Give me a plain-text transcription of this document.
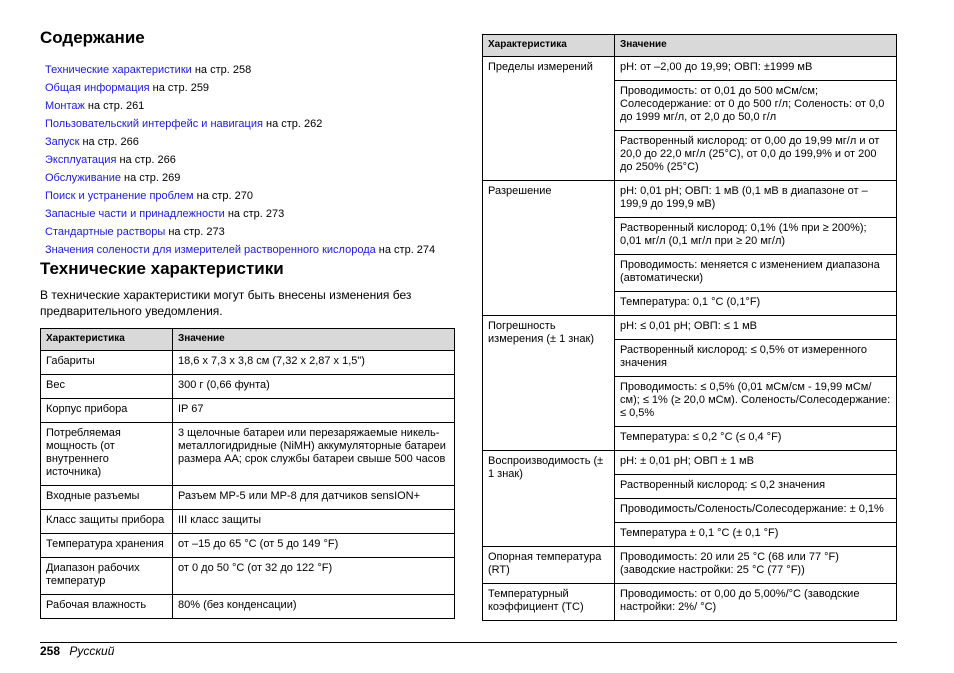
Содержание
Технические характеристики на стр. 258
Общая информация на стр. 259
Монтаж на стр. 261
Пользовательский интерфейс и навигация на стр. 262
Запуск на стр. 266
Эксплуатация на стр. 266
Обслуживание на стр. 269
Поиск и устранение проблем на стр. 270
Запасные части и принадлежности на стр. 273
Стандартные растворы на стр. 273
Значения солености для измерителей растворенного кислорода на стр. 274
Технические характеристики

В технические характеристики могут быть внесены изменения без предварительного уведомления.

Характеристика	Значение
Габариты	18,6 x 7,3 x 3,8 см (7,32 x 2,87 x 1,5")
Вес	300 г (0,66 фунта)
Корпус прибора	IP 67
Потребляемая мощность (от внутреннего источника)	3 щелочные батареи или перезаряжаемые никель-металлогидридные (NiMH) аккумуляторные батареи размера AA; срок службы батареи свыше 500 часов
Входные разъемы	Разъем MP-5 или MP-8 для датчиков sensION+
Класс защиты прибора	III класс защиты
Температура хранения	от –15 до 65 °C (от 5 до 149 °F)
Диапазон рабочих температур	от 0 до 50 °C (от 32 до 122 °F)
Рабочая влажность	80% (без конденсации)
Характеристика	Значение
Пределы измерений	pH: от –2,00 до 19,99; ОВП: ±1999 мВ
	Проводимость: от 0,01 до 500 мСм/см; Солесодержание: от 0 до 500 г/л; Соленость: от 0,0 до 1999 мг/л, от 2,0 до 50,0 г/л
	Растворенный кислород: от 0,00 до 19,99 мг/л и от 20,0 до 22,0 мг/л (25°C), от 0,0 до 199,9% и от 200 до 250% (25°C)
Разрешение	pH: 0,01 pH; ОВП: 1 мВ (0,1 мВ в диапазоне от –199,9 до 199,9 мВ)
	Растворенный кислород: 0,1% (1% при ≥ 200%); 0,01 мг/л (0,1 мг/л при ≥ 20 мг/л)
	Проводимость: меняется с изменением диапазона (автоматически)
	Температура: 0,1 °C (0,1°F)
Погрешность измерения (± 1 знак)	pH: ≤ 0,01 pH; ОВП: ≤ 1 мВ
	Растворенный кислород: ≤ 0,5% от измеренного значения
	Проводимость: ≤ 0,5% (0,01 мСм/см - 19,99 мСм/см); ≤ 1% (≥ 20,0 мСм). Соленость/Солесодержание: ≤ 0,5%
	Температура: ≤ 0,2 °C (≤ 0,4 °F)
Воспроизводимость (± 1 знак)	pH: ± 0,01 pH; ОВП ± 1 мВ
	Растворенный кислород: ≤ 0,2 значения
	Проводимость/Соленость/Солесодержание: ± 0,1%
	Температура ± 0,1 °C (± 0,1 °F)
Опорная температура (RT)	Проводимость: 20 или 25 °C (68 или 77 °F) (заводские настройки: 25 °C (77 °F))
Температурный коэффициент (TC)	Проводимость: от 0,00 до 5,00%/°C (заводские настройки: 2%/ °C)
258 Русский
